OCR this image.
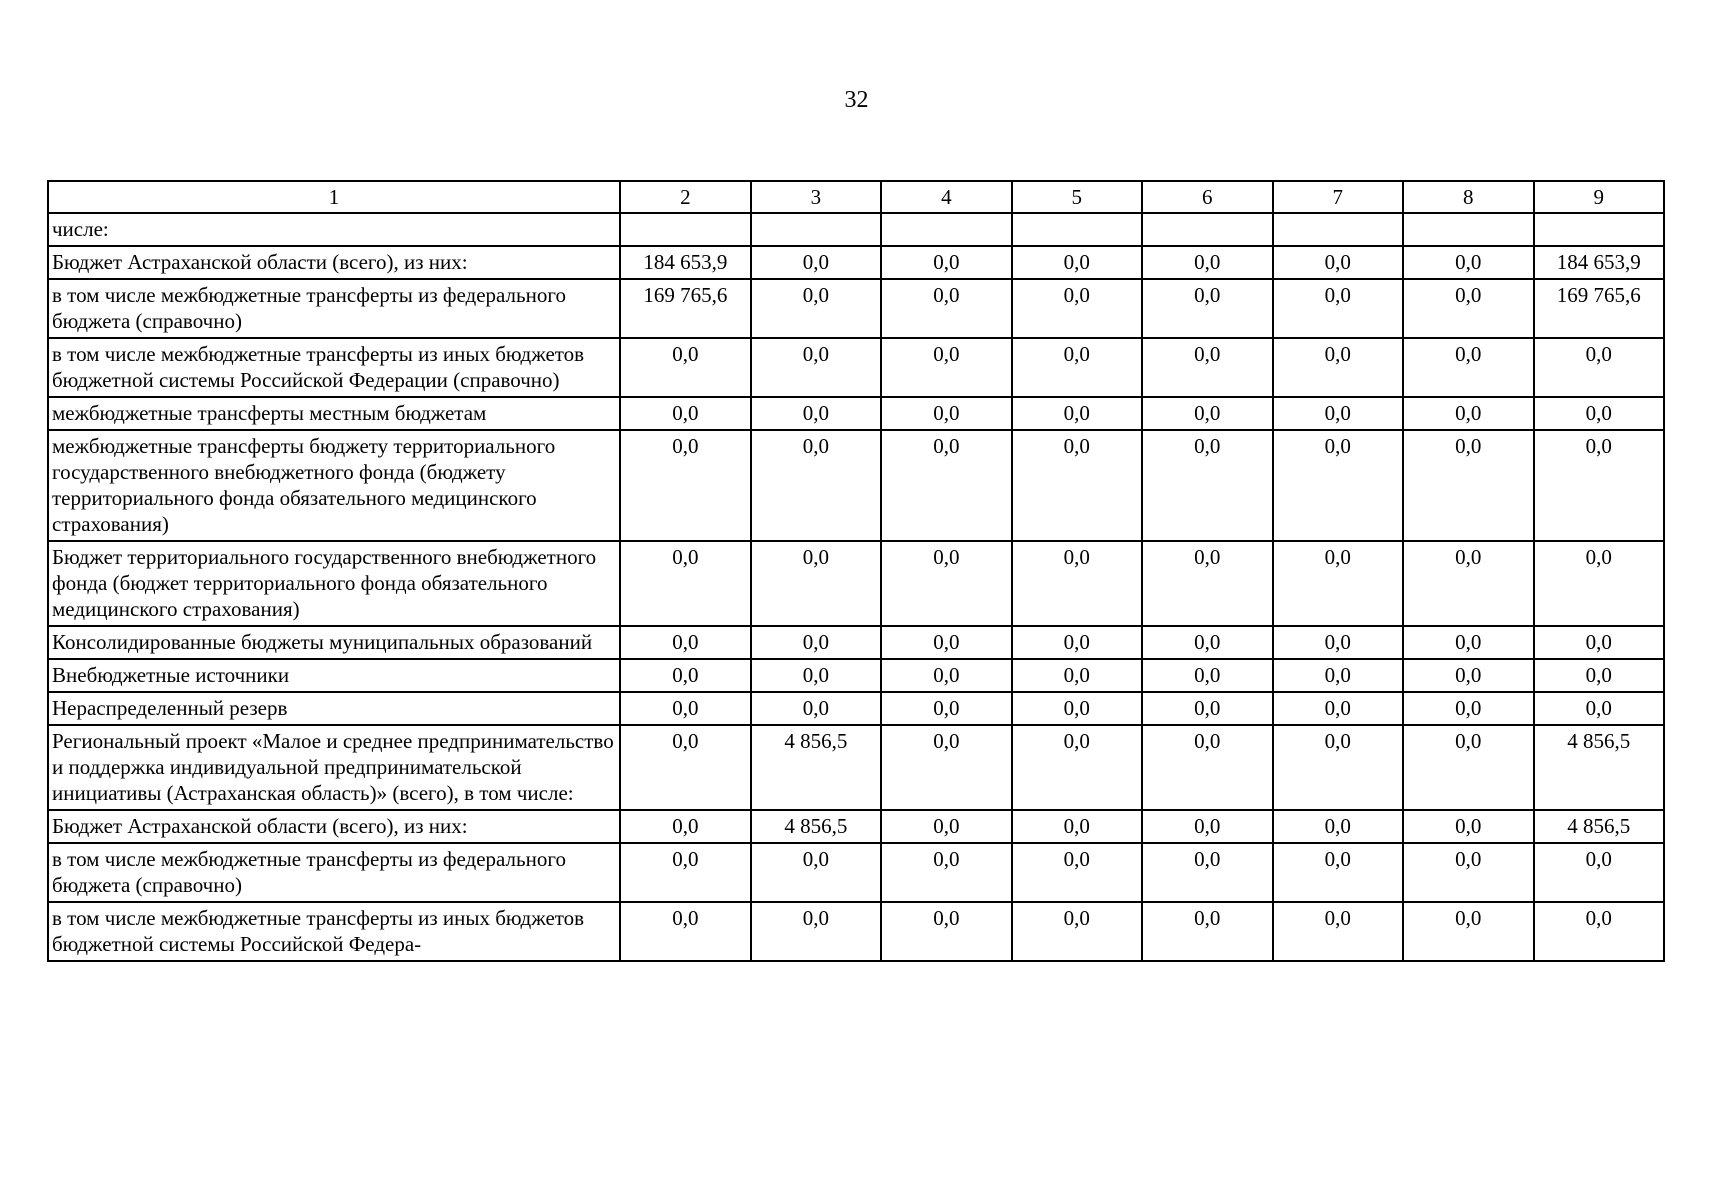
32
1	2	3	4	5	6	7	8	9
числе:								
Бюджет Астраханской области (всего), из них:	184 653,9	0,0	0,0	0,0	0,0	0,0	0,0	184 653,9
в том числе межбюджетные трансферты из федерального бюджета (справочно)	169 765,6	0,0	0,0	0,0	0,0	0,0	0,0	169 765,6
в том числе межбюджетные трансферты из иных бюджетов бюджетной системы Российской Федерации (справочно)	0,0	0,0	0,0	0,0	0,0	0,0	0,0	0,0
межбюджетные трансферты местным бюджетам	0,0	0,0	0,0	0,0	0,0	0,0	0,0	0,0
межбюджетные трансферты бюджету территориального государственного внебюджетного фонда (бюджету территориального фонда обязательного медицинского страхования)	0,0	0,0	0,0	0,0	0,0	0,0	0,0	0,0
Бюджет территориального государственного внебюджетного фонда (бюджет территориального фонда обязательного медицинского страхования)	0,0	0,0	0,0	0,0	0,0	0,0	0,0	0,0
Консолидированные бюджеты муниципальных образований	0,0	0,0	0,0	0,0	0,0	0,0	0,0	0,0
Внебюджетные источники	0,0	0,0	0,0	0,0	0,0	0,0	0,0	0,0
Нераспределенный резерв	0,0	0,0	0,0	0,0	0,0	0,0	0,0	0,0
Региональный проект «Малое и среднее предпринимательство и поддержка индивидуальной предпринимательской инициативы (Астраханская область)» (всего), в том числе:	0,0	4 856,5	0,0	0,0	0,0	0,0	0,0	4 856,5
Бюджет Астраханской области (всего), из них:	0,0	4 856,5	0,0	0,0	0,0	0,0	0,0	4 856,5
в том числе межбюджетные трансферты из федерального бюджета (справочно)	0,0	0,0	0,0	0,0	0,0	0,0	0,0	0,0
в том числе межбюджетные трансферты из иных бюджетов бюджетной системы Российской Федера-	0,0	0,0	0,0	0,0	0,0	0,0	0,0	0,0
